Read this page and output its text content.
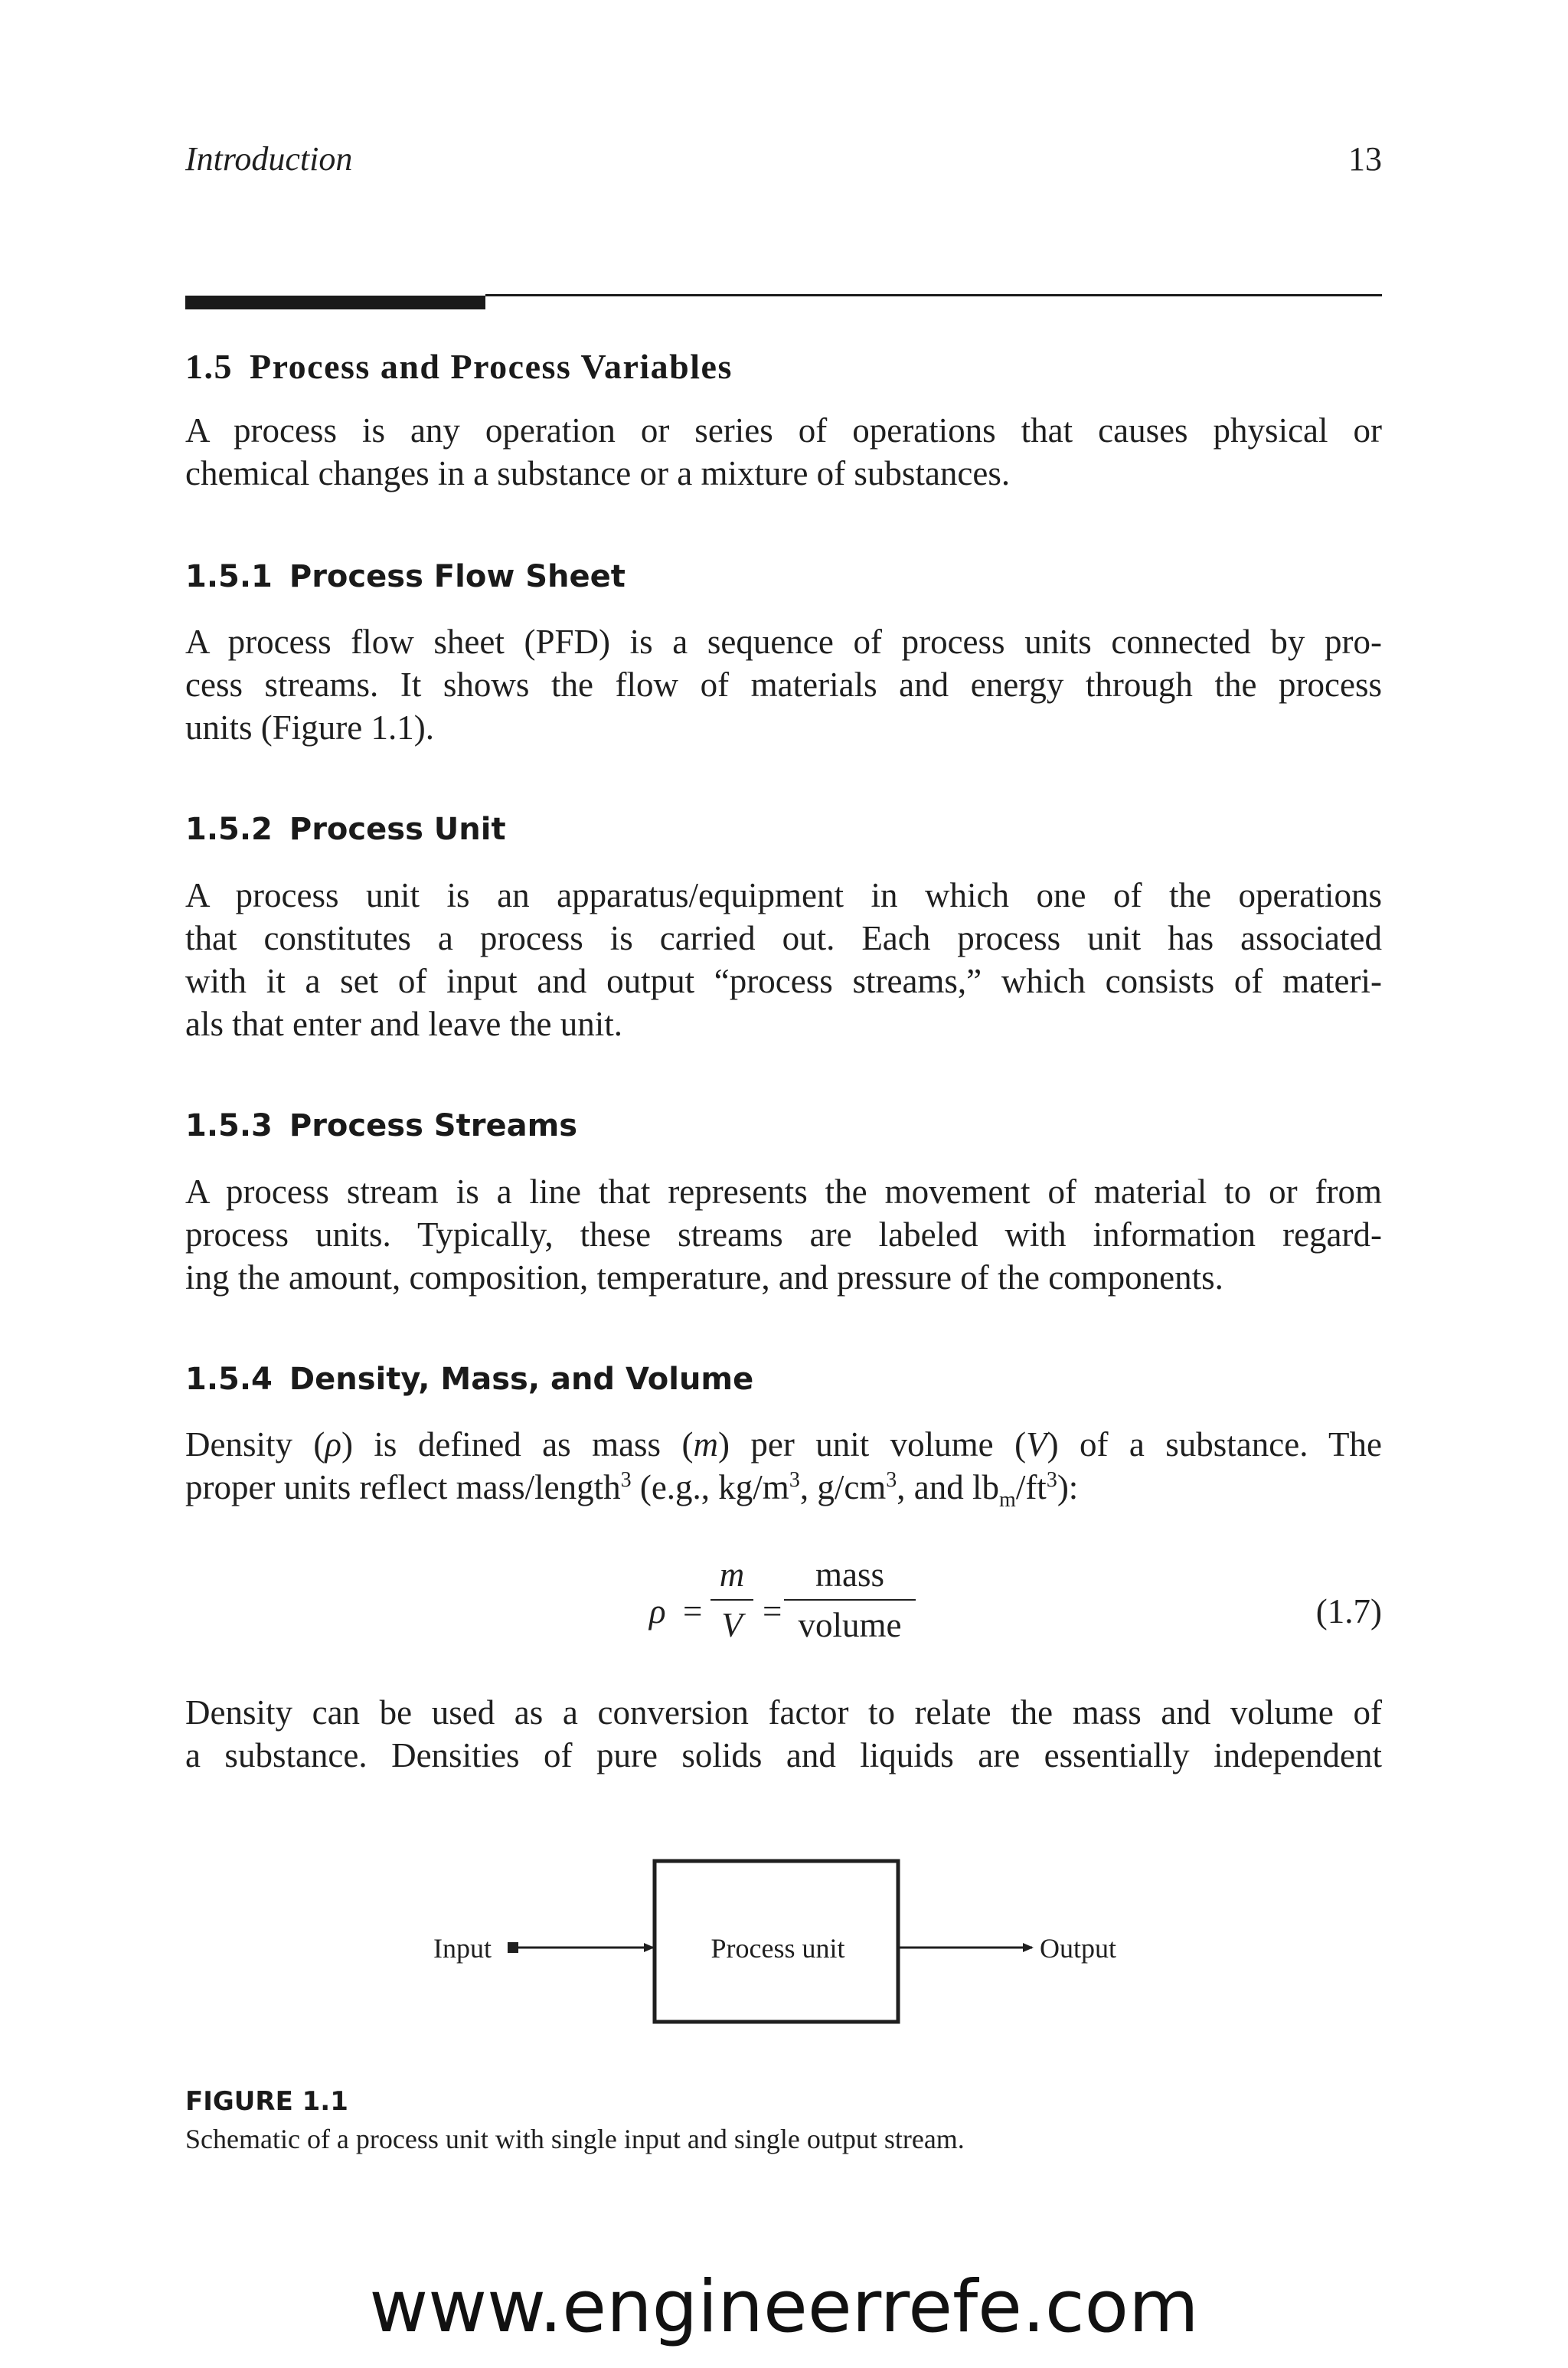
Introduction	13
1.5 Process and Process Variables

A process is any operation or series of operations that causes physical or
chemical changes in a substance or a mixture of substances.

1.5.1 Process Flow Sheet

A process flow sheet (PFD) is a sequence of process units connected by pro-
cess streams. It shows the flow of materials and energy through the process
units (Figure 1.1).

1.5.2 Process Unit

A process unit is an apparatus/equipment in which one of the operations
that constitutes a process is carried out. Each process unit has associated
with it a set of input and output “process streams,” which consists of materi-
als that enter and leave the unit.

1.5.3 Process Streams

A process stream is a line that represents the movement of material to or from
process units. Typically, these streams are labeled with information regard-
ing the amount, composition, temperature, and pressure of the components.

1.5.4 Density, Mass, and Volume

Density (ρ) is defined as mass (m) per unit volume (V) of a substance. The
proper units reflect mass/length$^3$ (e.g., $kg/m^3$, $g/cm^3$, and $lb_m/ft^3$):

ρ =
m
V =
mass
volume	(1.7)

Density can be used as a conversion factor to relate the mass and volume of
a substance. Densities of pure solids and liquids are essentially independent

Input	Process unit	Output
FIGURE 1.1
Schematic of a process unit with single input and single output stream.
www.engineerrefe.com
